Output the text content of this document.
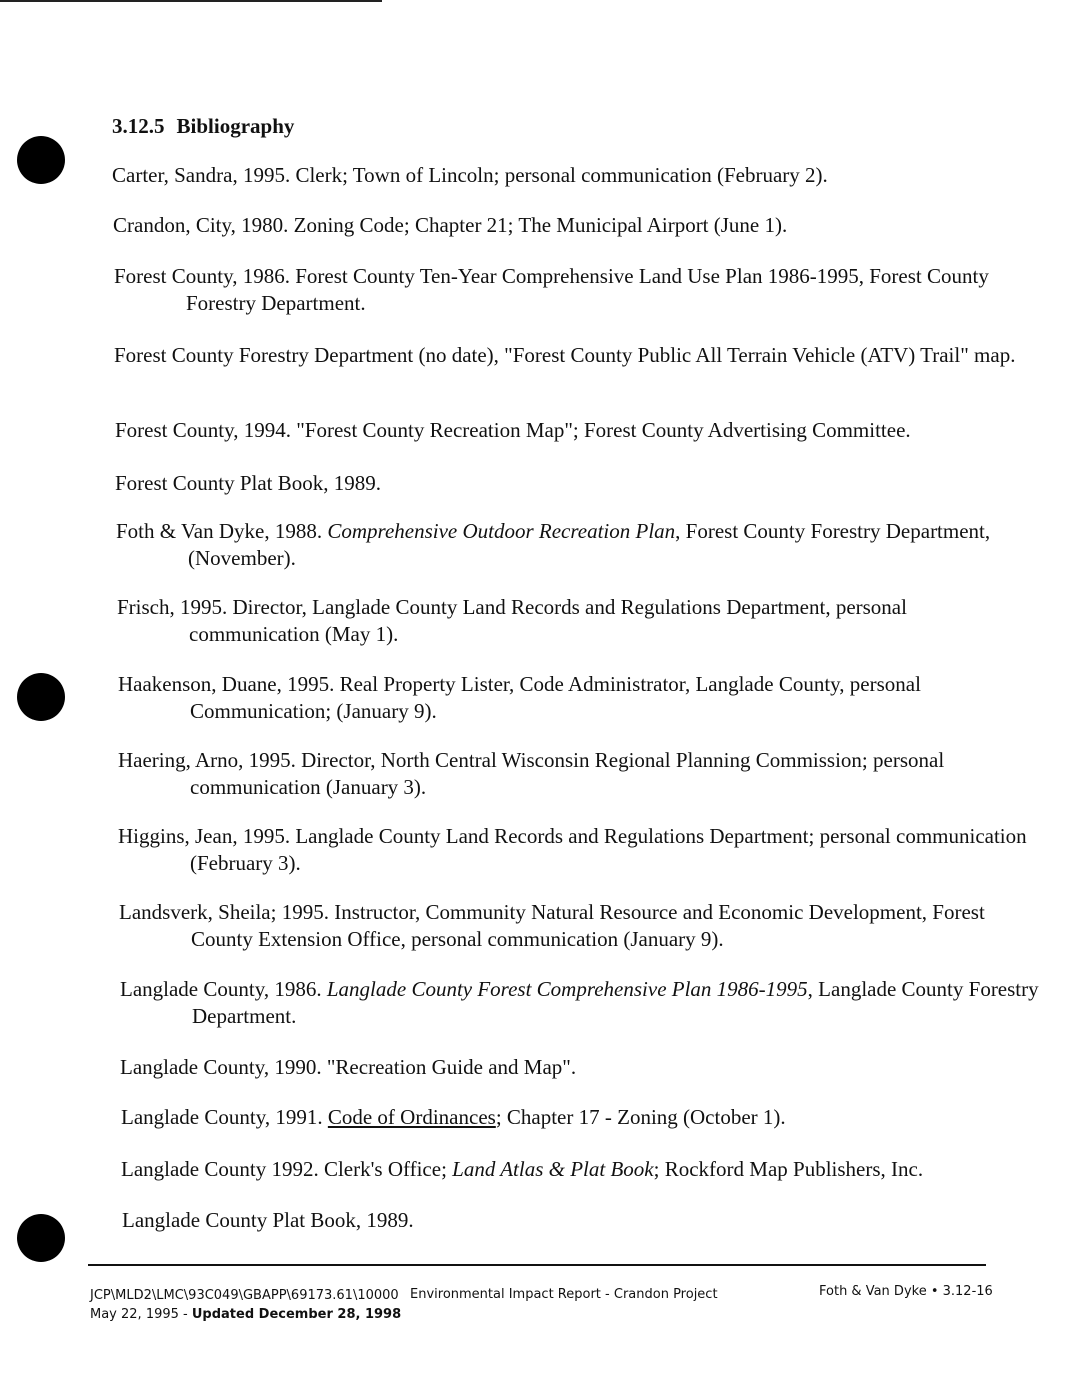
3.12.5 Bibliography
Carter, Sandra, 1995. Clerk; Town of Lincoln; personal communication (February 2).
Crandon, City, 1980. Zoning Code; Chapter 21; The Municipal Airport (June 1).
Forest County, 1986. Forest County Ten-Year Comprehensive Land Use Plan 1986-1995, Forest County Forestry Department.
Forest County Forestry Department (no date), "Forest County Public All Terrain Vehicle (ATV) Trail" map.
Forest County, 1994. "Forest County Recreation Map"; Forest County Advertising Committee.
Forest County Plat Book, 1989.
Foth & Van Dyke, 1988. Comprehensive Outdoor Recreation Plan, Forest County Forestry Department, (November).
Frisch, 1995. Director, Langlade County Land Records and Regulations Department, personal communication (May 1).
Haakenson, Duane, 1995. Real Property Lister, Code Administrator, Langlade County, personal Communication; (January 9).
Haering, Arno, 1995. Director, North Central Wisconsin Regional Planning Commission; personal communication (January 3).
Higgins, Jean, 1995. Langlade County Land Records and Regulations Department; personal communication (February 3).
Landsverk, Sheila; 1995. Instructor, Community Natural Resource and Economic Development, Forest County Extension Office, personal communication (January 9).
Langlade County, 1986. Langlade County Forest Comprehensive Plan 1986-1995, Langlade County Forestry Department.
Langlade County, 1990. "Recreation Guide and Map".
Langlade County, 1991. Code of Ordinances; Chapter 17 - Zoning (October 1).
Langlade County 1992. Clerk's Office; Land Atlas & Plat Book; Rockford Map Publishers, Inc.
Langlade County Plat Book, 1989.
JCP\MLD2\LMC\93C049\GBAPP\69173.61\10000
May 22, 1995 - Updated December 28, 1998
Environmental Impact Report - Crandon Project	Foth & Van Dyke • 3.12-16
